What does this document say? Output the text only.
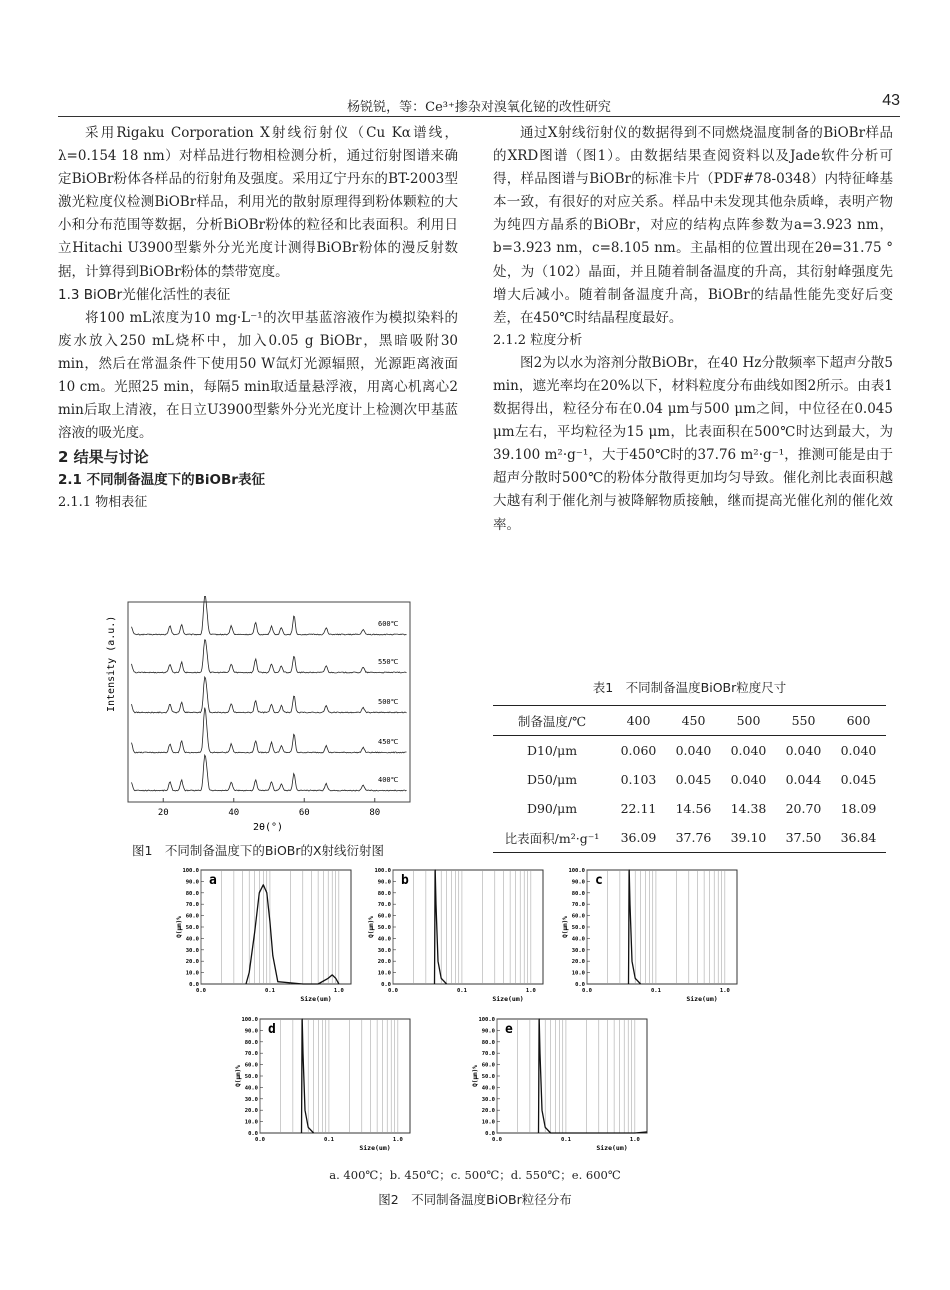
杨锐锐，等：Ce³⁺掺杂对溴氧化铋的改性研究	43

采用Rigaku Corporation X射线衍射仪（Cu Kα谱线，λ=0.154 18 nm）对样品进行物相检测分析，通过衍射图谱来确定BiOBr粉体各样品的衍射角及强度。采用辽宁丹东的BT-2003型激光粒度仪检测BiOBr样品，利用光的散射原理得到粉体颗粒的大小和分布范围等数据，分析BiOBr粉体的粒径和比表面积。利用日立Hitachi U3900型紫外分光光度计测得BiOBr粉体的漫反射数据，计算得到BiOBr粉体的禁带宽度。

1.3 BiOBr光催化活性的表征

将100 mL浓度为10 mg·L⁻¹的次甲基蓝溶液作为模拟染料的废水放入250 mL烧杯中，加入0.05 g BiOBr，黑暗吸附30 min，然后在常温条件下使用50 W氙灯光源辐照，光源距离液面10 cm。光照25 min，每隔5 min取适量悬浮液，用离心机离心2 min后取上清液，在日立U3900型紫外分光光度计上检测次甲基蓝溶液的吸光度。

2 结果与讨论
2.1 不同制备温度下的BiOBr表征
2.1.1 物相表征

通过X射线衍射仪的数据得到不同燃烧温度制备的BiOBr样品的XRD图谱（图1）。由数据结果查阅资料以及Jade软件分析可得，样品图谱与BiOBr的标准卡片（PDF#78-0348）内特征峰基本一致，有很好的对应关系。样品中未发现其他杂质峰，表明产物为纯四方晶系的BiOBr，对应的结构点阵参数为a=3.923 nm，b=3.923 nm，c=8.105 nm。主晶相的位置出现在2θ=31.75 °处，为（102）晶面，并且随着制备温度的升高，其衍射峰强度先增大后减小。随着制备温度升高，BiOBr的结晶性能先变好后变差，在450℃时结晶程度最好。

2.1.2 粒度分析

图2为以水为溶剂分散BiOBr，在40 Hz分散频率下超声分散5 min，遮光率均在20%以下，材料粒度分布曲线如图2所示。由表1数据得出，粒径分布在0.04 μm与500 μm之间，中位径在0.045 μm左右，平均粒径为15 μm，比表面积在500℃时达到最大，为39.100 m²·g⁻¹，大于450℃时的37.76 m²·g⁻¹，推测可能是由于超声分散时500℃的粉体分散得更加均匀导致。催化剂比表面积越大越有利于催化剂与被降解物质接触，继而提高光催化剂的催化效率。

600℃
550℃
500℃
450℃
400℃
Intensity (a.u.)
2θ(°)
20	40	60	80
图1　不同制备温度下的BiOBr的X射线衍射图
表1　不同制备温度BiOBr粒度尺寸
制备温度/℃	400	450	500	550	600
D10/μm	0.060	0.040	0.040	0.040	0.040
D50/μm	0.103	0.045	0.040	0.044	0.045
D90/μm	22.11	14.56	14.38	20.70	18.09
比表面积/m²·g⁻¹	36.09	37.76	39.10	37.50	36.84
0.0
10.0
20.0
30.0
40.0
50.0
60.0
70.0
80.0
90.0
100.0
0.0	0.1	1.0
Size(um)
Q(μm)%
a
0.0
10.0
20.0
30.0
40.0
50.0
60.0
70.0
80.0
90.0
100.0
0.0	0.1	1.0
Size(um)
Q(μm)%
b
0.0
10.0
20.0
30.0
40.0
50.0
60.0
70.0
80.0
90.0
100.0
0.0	0.1	1.0
Size(um)
Q(μm)%
c
0.0
10.0
20.0
30.0
40.0
50.0
60.0
70.0
80.0
90.0
100.0
0.0	0.1	1.0
Size(um)
Q(μm)%
d
0.0
10.0
20.0
30.0
40.0
50.0
60.0
70.0
80.0
90.0
100.0
0.0	0.1	1.0
Size(um)
Q(μm)%
e
a. 400℃；b. 450℃；c. 500℃；d. 550℃；e. 600℃
图2　不同制备温度BiOBr粒径分布
